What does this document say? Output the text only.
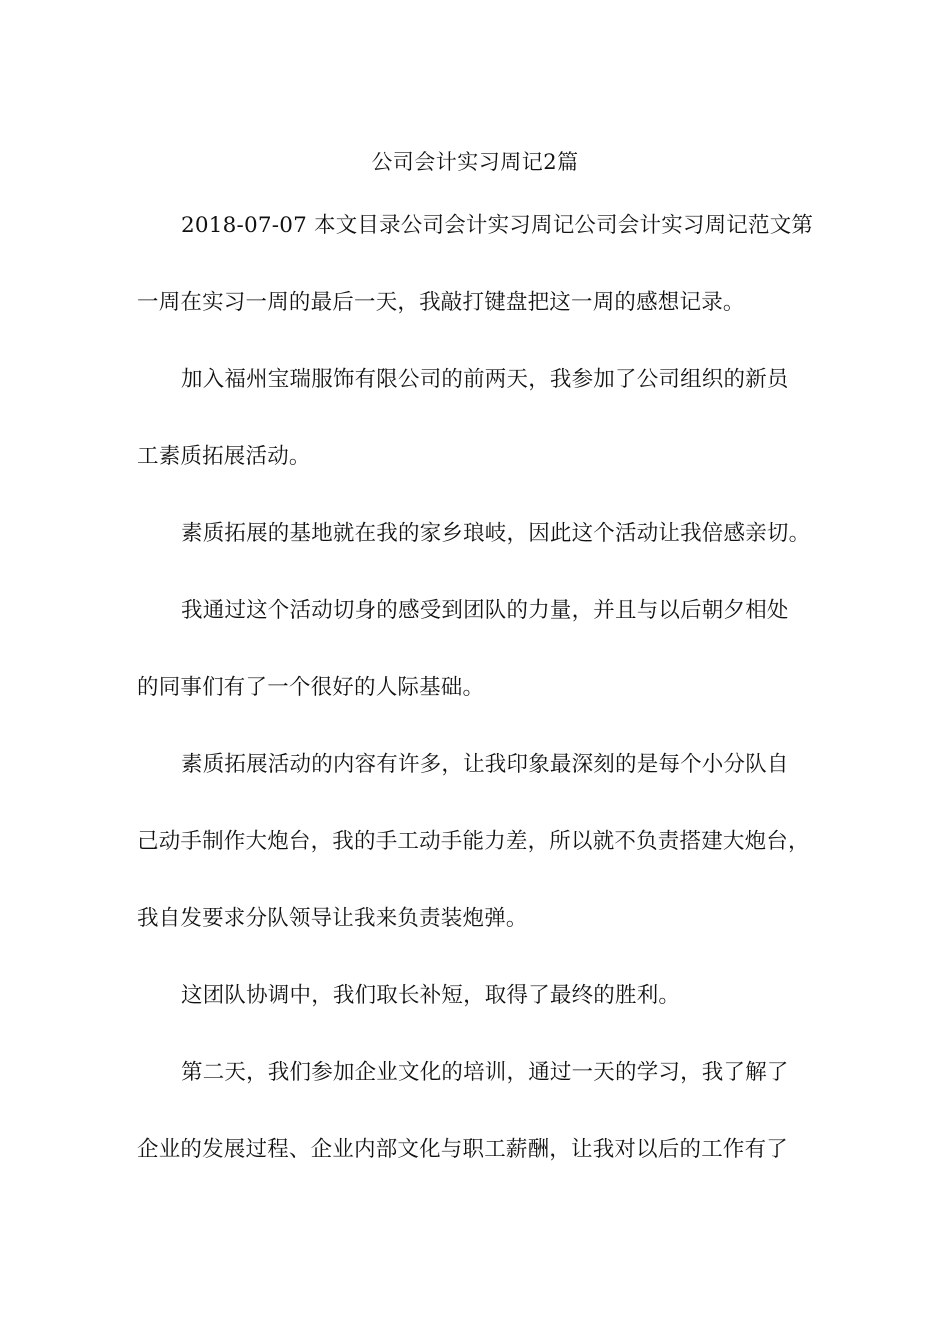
公司会计实习周记2篇
2018-07-07 本文目录公司会计实习周记公司会计实习周记范文第
一周在实习一周的最后一天，我敲打键盘把这一周的感想记录。
加入福州宝瑞服饰有限公司的前两天，我参加了公司组织的新员
工素质拓展活动。
素质拓展的基地就在我的家乡琅岐，因此这个活动让我倍感亲切。
我通过这个活动切身的感受到团队的力量，并且与以后朝夕相处
的同事们有了一个很好的人际基础。
素质拓展活动的内容有许多，让我印象最深刻的是每个小分队自
己动手制作大炮台，我的手工动手能力差，所以就不负责搭建大炮台，
我自发要求分队领导让我来负责装炮弹。
这团队协调中，我们取长补短，取得了最终的胜利。
第二天，我们参加企业文化的培训，通过一天的学习，我了解了
企业的发展过程、企业内部文化与职工薪酬，让我对以后的工作有了
